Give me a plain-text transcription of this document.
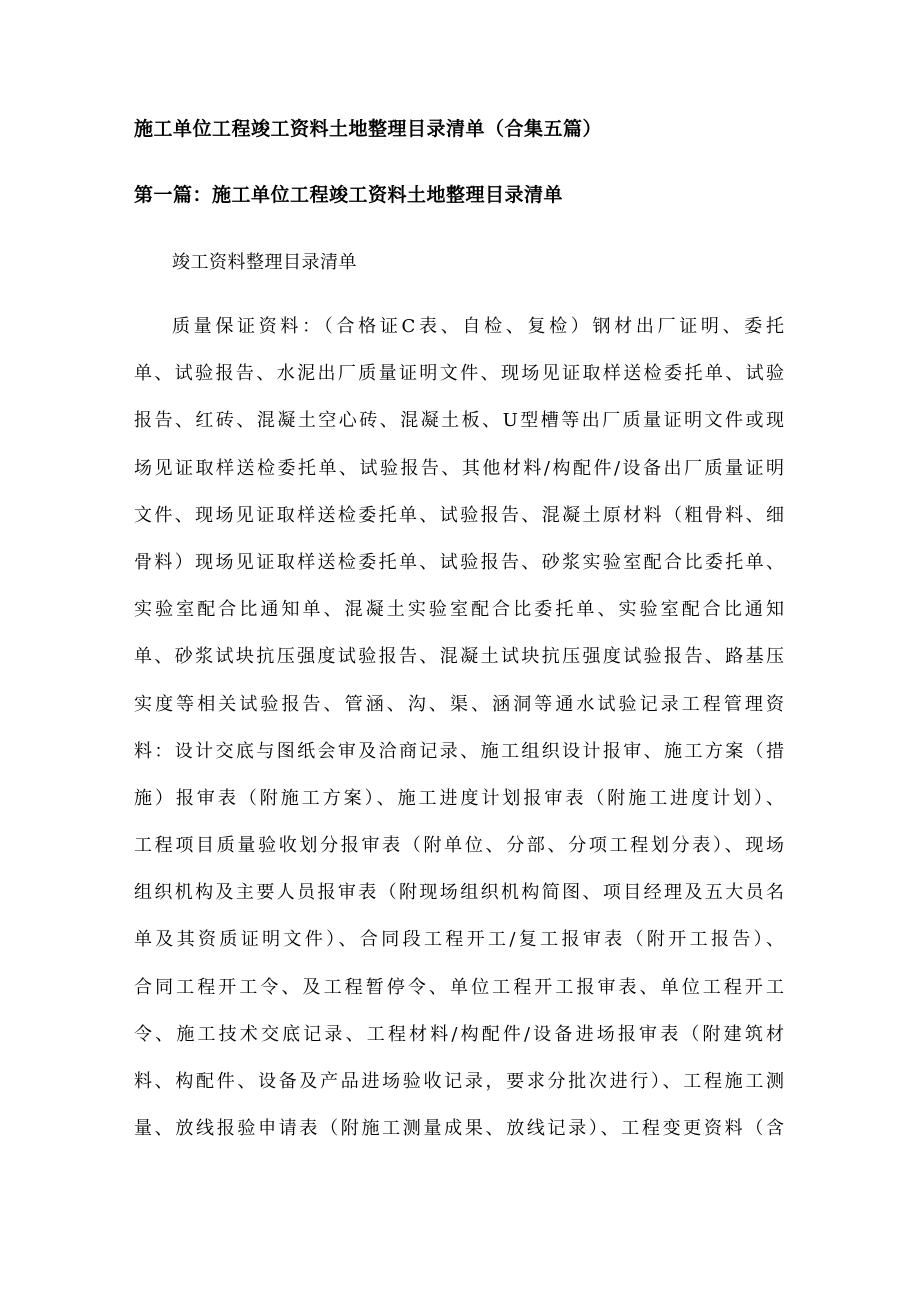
施工单位工程竣工资料土地整理目录清单（合集五篇）
第一篇：施工单位工程竣工资料土地整理目录清单
竣工资料整理目录清单
质量保证资料：（合格证C表、自检、复检）钢材出厂证明、委托
单、试验报告、水泥出厂质量证明文件、现场见证取样送检委托单、试验
报告、红砖、混凝土空心砖、混凝土板、U型槽等出厂质量证明文件或现
场见证取样送检委托单、试验报告、其他材料/构配件/设备出厂质量证明
文件、现场见证取样送检委托单、试验报告、混凝土原材料（粗骨料、细
骨料）现场见证取样送检委托单、试验报告、砂浆实验室配合比委托单、
实验室配合比通知单、混凝土实验室配合比委托单、实验室配合比通知
单、砂浆试块抗压强度试验报告、混凝土试块抗压强度试验报告、路基压
实度等相关试验报告、管涵、沟、渠、涵洞等通水试验记录工程管理资
料：设计交底与图纸会审及洽商记录、施工组织设计报审、施工方案（措
施）报审表（附施工方案）、施工进度计划报审表（附施工进度计划）、
工程项目质量验收划分报审表（附单位、分部、分项工程划分表）、现场
组织机构及主要人员报审表（附现场组织机构简图、项目经理及五大员名
单及其资质证明文件）、合同段工程开工/复工报审表（附开工报告）、
合同工程开工令、及工程暂停令、单位工程开工报审表、单位工程开工
令、施工技术交底记录、工程材料/构配件/设备进场报审表（附建筑材
料、构配件、设备及产品进场验收记录，要求分批次进行）、工程施工测
量、放线报验申请表（附施工测量成果、放线记录）、工程变更资料（含
